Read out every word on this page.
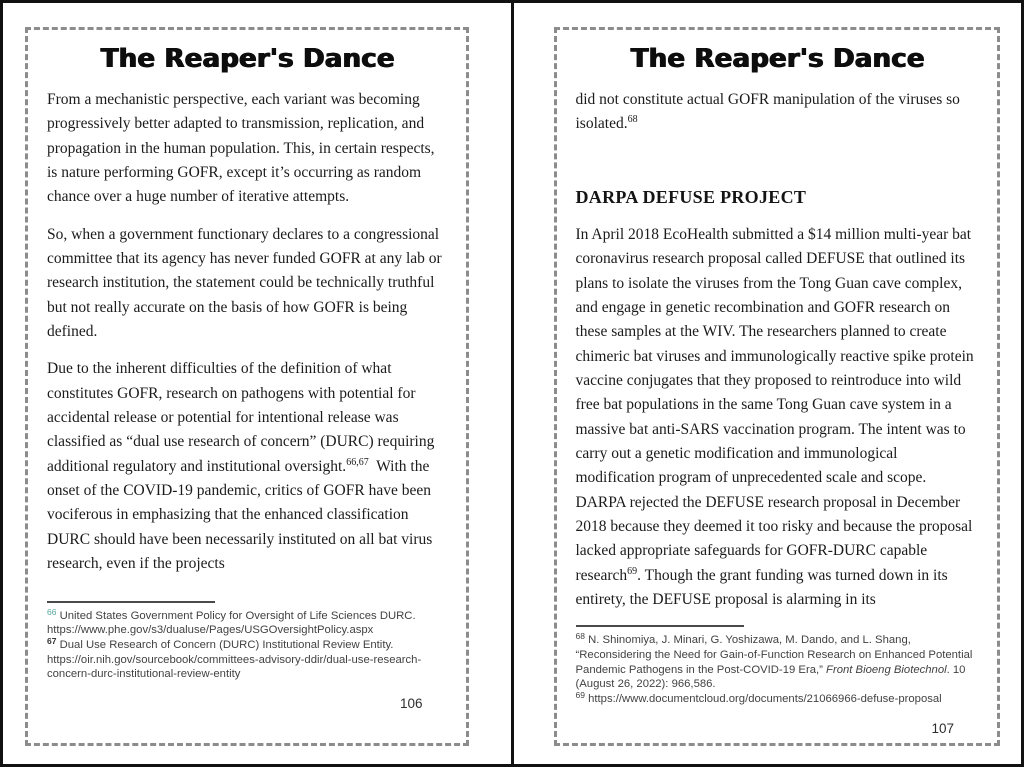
The Reaper's Dance

From a mechanistic perspective, each variant was becoming progressively better adapted to transmission, replication, and propagation in the human population. This, in certain respects, is nature performing GOFR, except it’s occurring as random chance over a huge number of iterative attempts.

So, when a government functionary declares to a congressional committee that its agency has never funded GOFR at any lab or research institution, the statement could be technically truthful but not really accurate on the basis of how GOFR is being defined.

Due to the inherent difficulties of the definition of what constitutes GOFR, research on pathogens with potential for accidental release or potential for intentional release was classified as “dual use research of concern” (DURC) requiring additional regulatory and institutional oversight.$^{66,67}$  With the onset of the COVID-19 pandemic, critics of GOFR have been vociferous in emphasizing that the enhanced classification DURC should have been necessarily instituted on all bat virus research, even if the projects

$^{66}$ United States Government Policy for Oversight of Life Sciences DURC.
https://www.phe.gov/s3/dualuse/Pages/USGOversightPolicy.aspx
$^{67}$ Dual Use Research of Concern (DURC) Institutional Review Entity.
https://oir.nih.gov/sourcebook/committees-advisory-ddir/dual-use-research-concern-durc-institutional-review-entity
106
The Reaper's Dance

did not constitute actual GOFR manipulation of the viruses so isolated.$^{68}$

DARPA DEFUSE PROJECT

In April 2018 EcoHealth submitted a $14 million multi-year bat coronavirus research proposal called DEFUSE that outlined its plans to isolate the viruses from the Tong Guan cave complex, and engage in genetic recombination and GOFR research on these samples at the WIV. The researchers planned to create chimeric bat viruses and immunologically reactive spike protein vaccine conjugates that they proposed to reintroduce into wild free bat populations in the same Tong Guan cave system in a massive bat anti-SARS vaccination program. The intent was to carry out a genetic modification and immunological modification program of unprecedented scale and scope. DARPA rejected the DEFUSE research proposal in December 2018 because they deemed it too risky and because the proposal lacked appropriate safeguards for GOFR-DURC capable research$^{69}$. Though the grant funding was turned down in its entirety, the DEFUSE proposal is alarming in its

$^{68}$ N. Shinomiya, J. Minari, G. Yoshizawa, M. Dando, and L. Shang, “Reconsidering the Need for Gain-of-Function Research on Enhanced Potential Pandemic Pathogens in the Post-COVID-19 Era,” Front Bioeng Biotechnol. 10 (August 26, 2022): 966,586.
$^{69}$ https://www.documentcloud.org/documents/21066966-defuse-proposal
107
